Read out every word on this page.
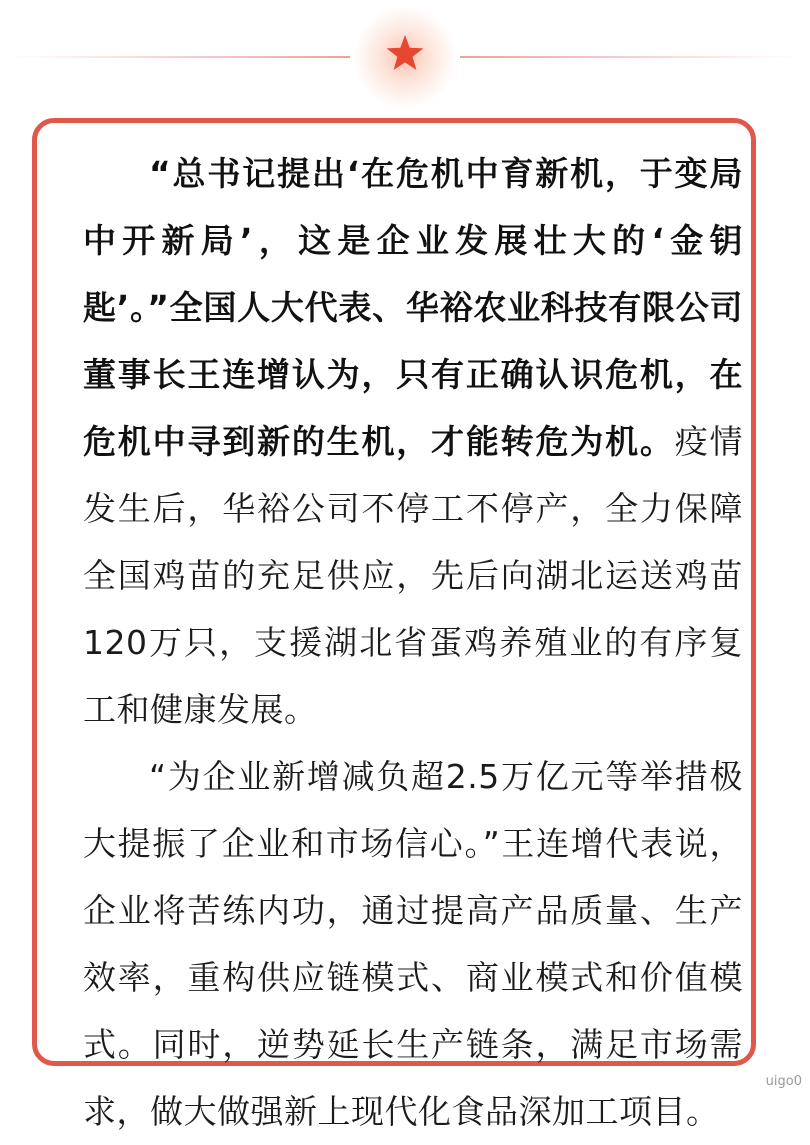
“总书记提出‘在危机中育新机，于变局中开新局’，这是企业发展壮大的‘金钥匙’。”全国人大代表、华裕农业科技有限公司董事长王连增认为，只有正确认识危机，在危机中寻到新的生机，才能转危为机。疫情发生后，华裕公司不停工不停产，全力保障全国鸡苗的充足供应，先后向湖北运送鸡苗120万只，支援湖北省蛋鸡养殖业的有序复工和健康发展。

“为企业新增减负超2.5万亿元等举措极大提振了企业和市场信心。”王连增代表说，企业将苦练内功，通过提高产品质量、生产效率，重构供应链模式、商业模式和价值模式。同时，逆势延长生产链条，满足市场需求，做大做强新上现代化食品深加工项目。

uigo0
